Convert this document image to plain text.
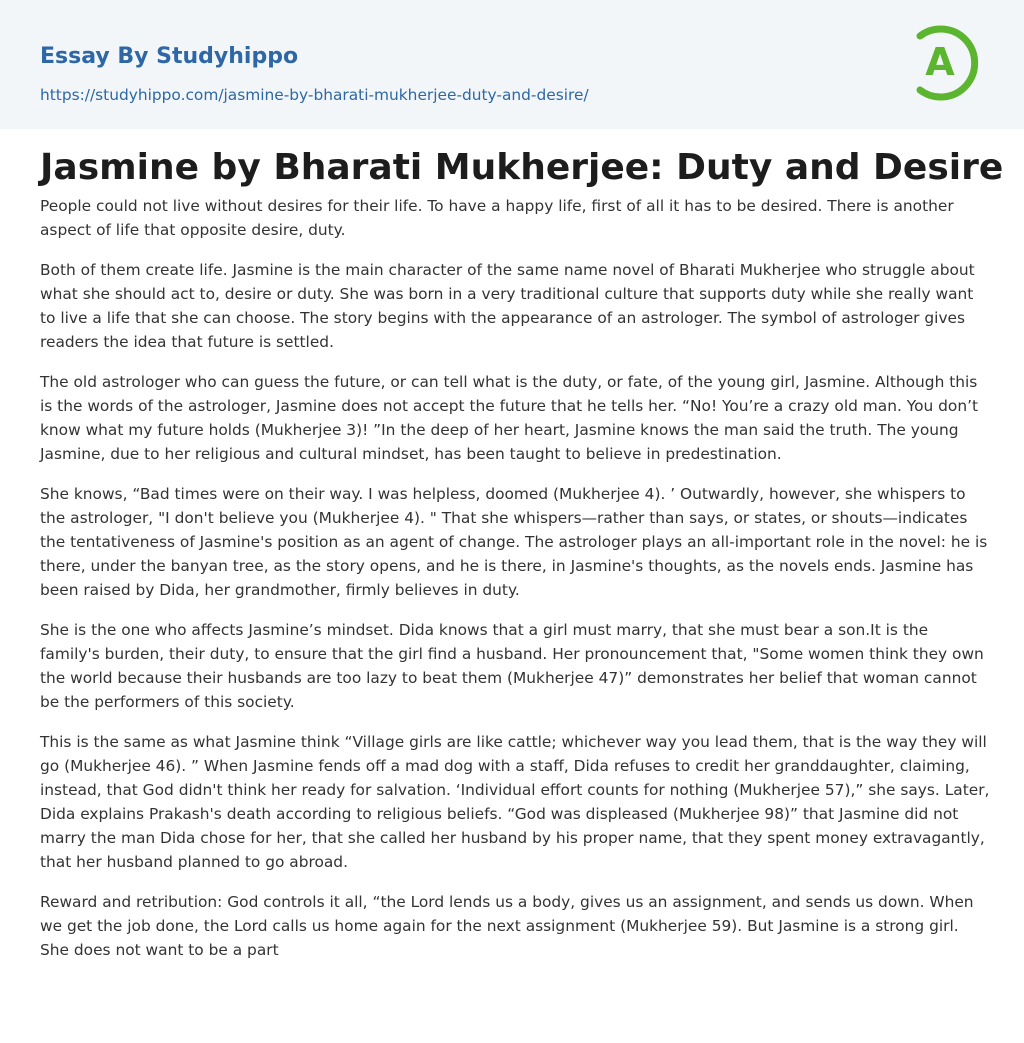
Essay By Studyhippo
https://studyhippo.com/jasmine-by-bharati-mukherjee-duty-and-desire/
A
Jasmine by Bharati Mukherjee: Duty and Desire

People could not live without desires for their life. To have a happy life, first of all it has to be desired. There is another aspect of life that opposite desire, duty.

Both of them create life. Jasmine is the main character of the same name novel of Bharati Mukherjee who struggle about what she should act to, desire or duty. She was born in a very traditional culture that supports duty while she really want to live a life that she can choose. The story begins with the appearance of an astrologer. The symbol of astrologer gives readers the idea that future is settled.

The old astrologer who can guess the future, or can tell what is the duty, or fate, of the young girl, Jasmine. Although this is the words of the astrologer, Jasmine does not accept the future that he tells her. “No! You’re a crazy old man. You don’t know what my future holds (Mukherjee 3)! ”In the deep of her heart, Jasmine knows the man said the truth. The young Jasmine, due to her religious and cultural mindset, has been taught to believe in predestination.

She knows, “Bad times were on their way. I was helpless, doomed (Mukherjee 4). ’ Outwardly, however, she whispers to the astrologer, "I don't believe you (Mukherjee 4). " That she whispers—rather than says, or states, or shouts—indicates the tentativeness of Jasmine's position as an agent of change. The astrologer plays an all-important role in the novel: he is there, under the banyan tree, as the story opens, and he is there, in Jasmine's thoughts, as the novels ends. Jasmine has been raised by Dida, her grandmother, firmly believes in duty.

She is the one who affects Jasmine’s mindset. Dida knows that a girl must marry, that she must bear a son.It is the family's burden, their duty, to ensure that the girl find a husband. Her pronouncement that, "Some women think they own the world because their husbands are too lazy to beat them (Mukherjee 47)” demonstrates her belief that woman cannot be the performers of this society.

This is the same as what Jasmine think “Village girls are like cattle; whichever way you lead them, that is the way they will go (Mukherjee 46). ” When Jasmine fends off a mad dog with a staff, Dida refuses to credit her granddaughter, claiming, instead, that God didn't think her ready for salvation. ‘Individual effort counts for nothing (Mukherjee 57),” she says. Later, Dida explains Prakash's death according to religious beliefs. “God was displeased (Mukherjee 98)” that Jasmine did not marry the man Dida chose for her, that she called her husband by his proper name, that they spent money extravagantly, that her husband planned to go abroad.

Reward and retribution: God controls it all, “the Lord lends us a body, gives us an assignment, and sends us down. When we get the job done, the Lord calls us home again for the next assignment (Mukherjee 59). But Jasmine is a strong girl. She does not want to be a part
